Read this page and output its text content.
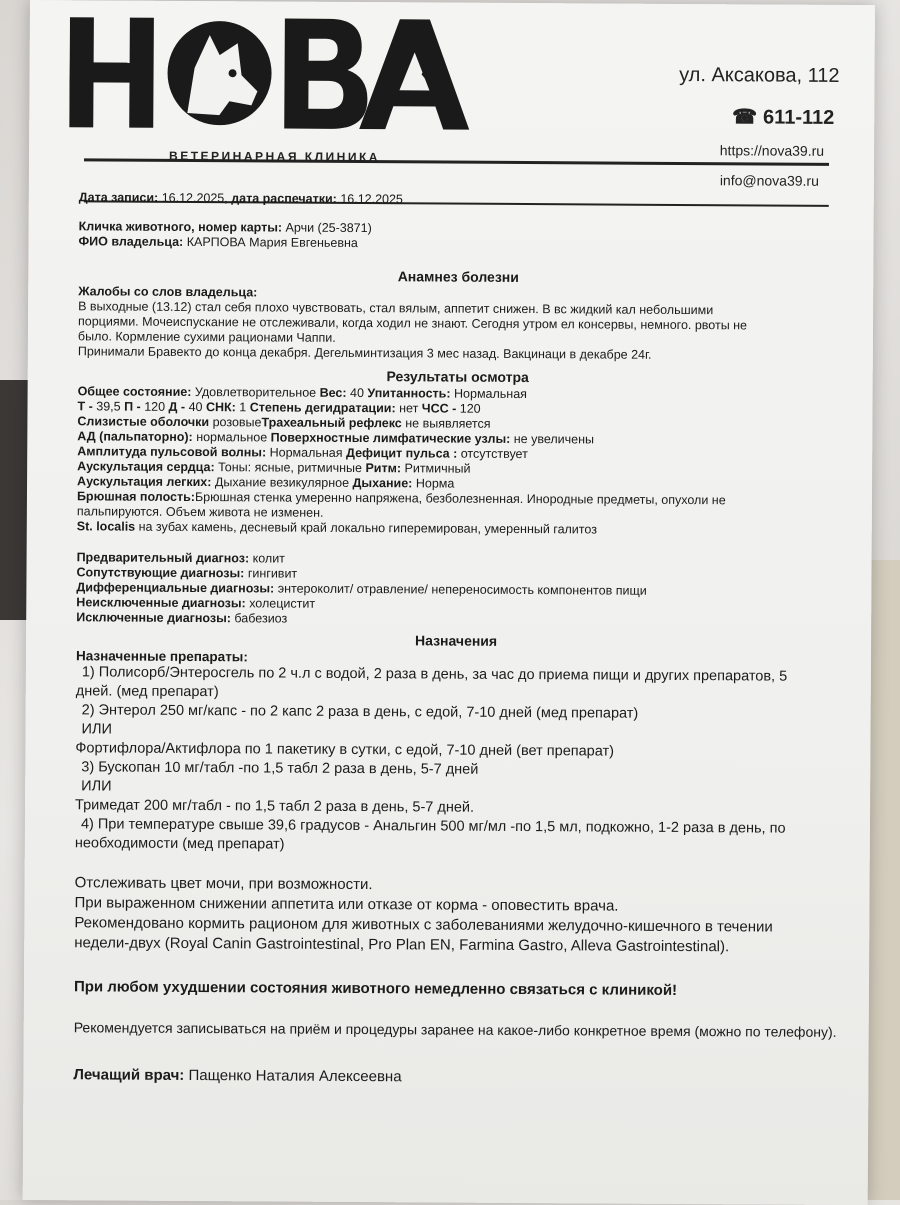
ВЕТЕРИНАРНАЯ КЛИНИКА
ул. Аксакова, 112
☎ 611-112
https://nova39.ru
info@nova39.ru
Дата записи: 16.12.2025, дата распечатки: 16.12.2025
Кличка животного, номер карты: Арчи (25-3871)
ФИО владельца: КАРПОВА Мария Евгеньевна
Анамнез болезни
Жалобы со слов владельца:
В выходные (13.12) стал себя плохо чувствовать, стал вялым, аппетит снижен. В вс жидкий кал небольшими
порциями. Мочеиспускание не отслеживали, когда ходил не знают. Сегодня утром ел консервы, немного. рвоты не
было. Кормление сухими рационами Чаппи.
Принимали Бравекто до конца декабря. Дегельминтизация 3 мес назад. Вакцинаци в декабре 24г.
Результаты осмотра
Общее состояние: Удовлетворительное Вес: 40 Упитанность: Нормальная
Т - 39,5 П - 120 Д - 40 СНК: 1 Степень дегидратации: нет ЧСС - 120
Слизистые оболочки розовыеТрахеальный рефлекс не выявляется
АД (пальпаторно): нормальное Поверхностные лимфатические узлы: не увеличены
Амплитуда пульсовой волны: Нормальная Дефицит пульса : отсутствует
Аускультация сердца: Тоны: ясные, ритмичные Ритм: Ритмичный
Аускультация легких: Дыхание везикулярное Дыхание: Норма
Брюшная полость:Брюшная стенка умеренно напряжена, безболезненная. Инородные предметы, опухоли не
пальпируются. Объем живота не изменен.
St. localis на зубах камень, десневый край локально гиперемирован, умеренный галитоз
Предварительный диагноз: колит
Сопутствующие диагнозы: гингивит
Дифференциальные диагнозы: энтероколит/ отравление/ непереносимость компонентов пищи
Неисключенные диагнозы: холецистит
Исключенные диагнозы: бабезиоз
Назначения
Назначенные препараты:
1) Полисорб/Энтеросгель по 2 ч.л с водой, 2 раза в день, за час до приема пищи и других препаратов, 5
дней. (мед препарат)
2) Энтерол 250 мг/капс - по 2 капс 2 раза в день, с едой, 7-10 дней (мед препарат)
ИЛИ
Фортифлора/Актифлора по 1 пакетику в сутки, с едой, 7-10 дней (вет препарат)
3) Бускопан 10 мг/табл -по 1,5 табл 2 раза в день, 5-7 дней
ИЛИ
Тримедат 200 мг/табл - по 1,5 табл 2 раза в день, 5-7 дней.
4) При температуре свыше 39,6 градусов - Анальгин 500 мг/мл -по 1,5 мл, подкожно, 1-2 раза в день, по
необходимости (мед препарат)
Отслеживать цвет мочи, при возможности.
При выраженном снижении аппетита или отказе от корма - оповестить врача.
Рекомендовано кормить рационом для животных с заболеваниями желудочно-кишечного в течении
недели-двух (Royal Canin Gastrointestinal, Pro Plan EN, Farmina Gastro, Alleva Gastrointestinal).
При любом ухудшении состояния животного немедленно связаться с клиникой!
Рекомендуется записываться на приём и процедуры заранее на какое-либо конкретное время (можно по телефону).
Лечащий врач: Пащенко Наталия Алексеевна
